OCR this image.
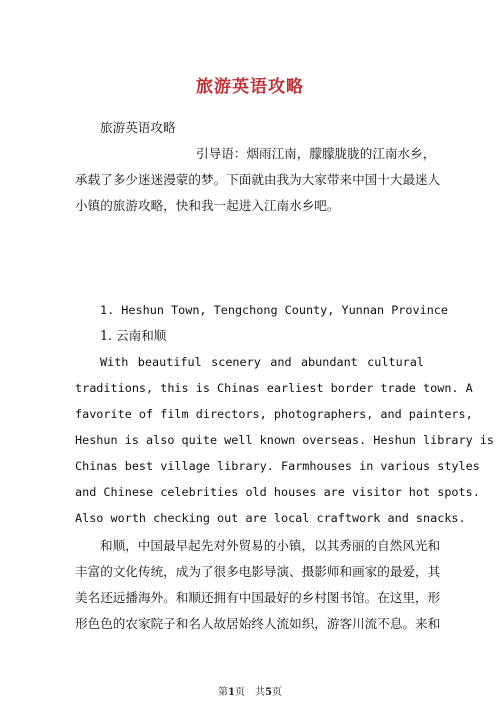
旅游英语攻略
旅游英语攻略
引导语：烟雨江南，朦朦胧胧的江南水乡，
承载了多少迷迷漫蒙的梦。下面就由我为大家带来中国十大最迷人
小镇的旅游攻略，快和我一起进入江南水乡吧。
1. Heshun Town, Tengchong County, Yunnan Province
1. 云南和顺
With beautiful scenery and abundant cultural
traditions, this is Chinas earliest border trade town. A
favorite of film directors, photographers, and painters,
Heshun is also quite well known overseas. Heshun library is
Chinas best village library. Farmhouses in various styles
and Chinese celebrities old houses are visitor hot spots.
Also worth checking out are local craftwork and snacks.
和顺，中国最早起先对外贸易的小镇，以其秀丽的自然风光和
丰富的文化传统，成为了很多电影导演、摄影师和画家的最爱，其
美名还远播海外。和顺还拥有中国最好的乡村图书馆。在这里，形
形色色的农家院子和名人故居始终人流如织，游客川流不息。来和
第1页　共5页
